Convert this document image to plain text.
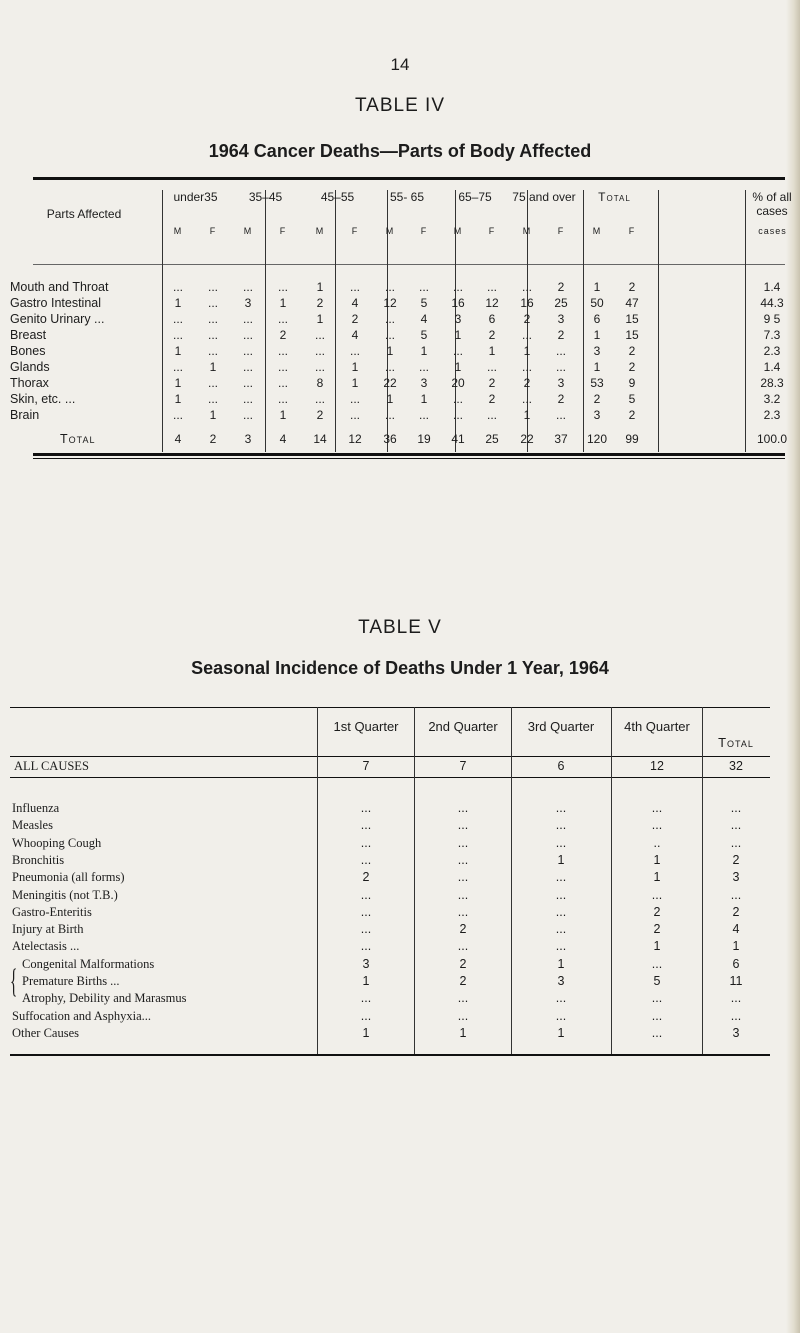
14
TABLE IV
1964 Cancer Deaths—Parts of Body Affected
Parts Affected
under35	35–45	45–55	55- 65	65–75	75 and over	Total	% of all cases
M	F	M	F	M	F	M	F	M	F	M	F	M	F	cases
Mouth and Throat	...	...	...	...	1	...	...	...	...	...	...	2	1	2	1.4
Gastro Intestinal	1	...	3	1	2	4	12	5	16	12	16	25	50	47	44.3
Genito Urinary ...	...	...	...	...	1	2	...	4	3	6	2	3	6	15	9 5
Breast	...	...	...	2	...	4	...	5	1	2	...	2	1	15	7.3
Bones	1	...	...	...	...	...	1	1	...	1	1	...	3	2	2.3
Glands	...	1	...	...	...	1	...	...	1	...	...	...	1	2	1.4
Thorax	1	...	...	...	8	1	22	3	20	2	2	3	53	9	28.3
Skin, etc. ...	1	...	...	...	...	...	1	1	...	2	...	2	2	5	3.2
Brain	...	1	...	1	2	...	...	...	...	...	1	...	3	2	2.3
Total	4	2	3	4	14	12	36	19	41	25	22	37	120	99	100.0
TABLE V
Seasonal Incidence of Deaths Under 1 Year, 1964
1st Quarter	2nd Quarter	3rd Quarter	4th Quarter
Total
ALL CAUSES	7	7	6	12	32
Influenza	...	...	...	...	...
Measles	...	...	...	...	...
Whooping Cough	...	...	...	..	...
Bronchitis	...	...	1	1	2
Pneumonia (all forms)	2	...	...	1	3
Meningitis (not T.B.)	...	...	...	...	...
Gastro-Enteritis	...	...	...	2	2
Injury at Birth	...	2	...	2	4
Atelectasis ...	...	...	...	1	1
Congenital Malformations	3	2	1	...	6
Premature Births ...	1	2	3	5	11
Atrophy, Debility and Marasmus	...	...	...	...	...
Suffocation and Asphyxia...	...	...	...	...	...
Other Causes	1	1	1	...	3
{
